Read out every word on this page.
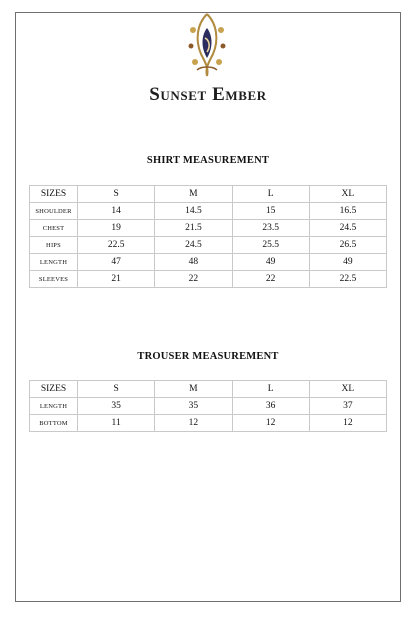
Sunset Ember
SHIRT MEASUREMENT
SIZES	S	M	L	XL
SHOULDER	14	14.5	15	16.5
CHEST	19	21.5	23.5	24.5
HIPS	22.5	24.5	25.5	26.5
LENGTH	47	48	49	49
SLEEVES	21	22	22	22.5
TROUSER MEASUREMENT
SIZES	S	M	L	XL
LENGTH	35	35	36	37
BOTTOM	11	12	12	12
